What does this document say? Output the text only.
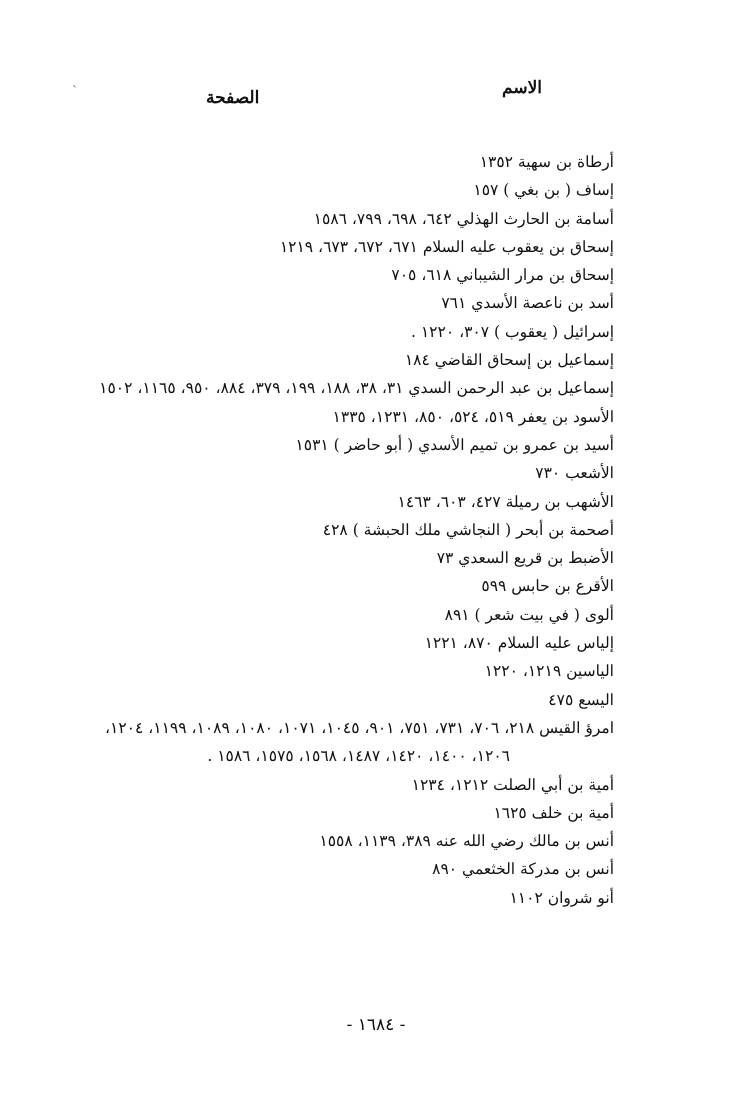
الاسم
الصفحة
`
أرطاة بن سهية ١٣٥٢
إساف ( بن بغي ) ١٥٧
أسامة بن الحارث الهذلي ٦٤٢، ٦٩٨، ٧٩٩، ١٥٨٦
إسحاق بن يعقوب عليه السلام ٦٧١، ٦٧٢، ٦٧٣، ١٢١٩
إسحاق بن مرار الشيباني ٦١٨، ٧٠٥
أسد بن ناعصة الأسدي ٧٦١
إسرائيل ( يعقوب ) ٣٠٧، ١٢٢٠ .
إسماعيل بن إسحاق القاضي ١٨٤
إسماعيل بن عبد الرحمن السدي ٣١، ٣٨، ١٨٨، ١٩٩، ٣٧٩، ٨٨٤، ٩٥٠، ١١٦٥، ١٥٠٢
الأسود بن يعفر ٥١٩، ٥٢٤، ٨٥٠، ١٢٣١، ١٣٣٥
أسيد بن عمرو بن تميم الأسدي ( أبو حاضر ) ١٥٣١
الأشعب ٧٣٠
الأشهب بن رميلة ٤٢٧، ٦٠٣، ١٤٦٣
أصحمة بن أبحر ( النجاشي ملك الحبشة ) ٤٢٨
الأضبط بن قريع السعدي ٧٣
الأقرع بن حابس ٥٩٩
ألوى ( في بيت شعر ) ٨٩١
إلياس عليه السلام ٨٧٠، ١٢٢١
الياسين ١٢١٩، ١٢٢٠
اليسع ٤٧٥
امرؤ القيس ٢١٨، ٧٠٦، ٧٣١، ٧٥١، ٩٠١، ١٠٤٥، ١٠٧١، ١٠٨٠، ١٠٨٩، ١١٩٩، ١٢٠٤،
١٢٠٦، ١٤٠٠، ١٤٢٠، ١٤٨٧، ١٥٦٨، ١٥٧٥، ١٥٨٦ .
أمية بن أبي الصلت ١٢١٢، ١٢٣٤
أمية بن خلف ١٦٢٥
أنس بن مالك رضي الله عنه ٣٨٩، ١١٣٩، ١٥٥٨
أنس بن مدركة الخثعمي ٨٩٠
أنو شروان ١١٠٢
- ١٦٨٤ -
